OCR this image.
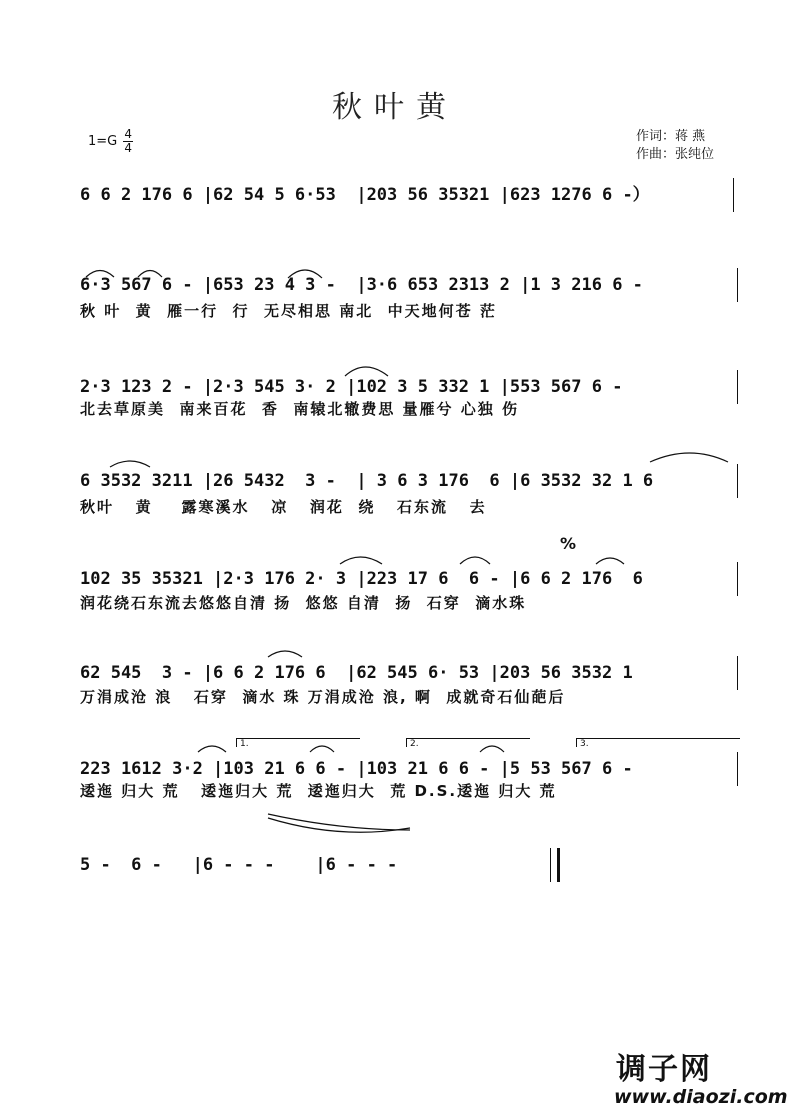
秋叶黄
1=G 4
4
作词：蒋 燕
作曲：张纯位
6 6 2 176 6 |62 54 5 6·53  |203 56 35321 |623 1276 6 -）
6·3 567 6 - |653 23 4 3 -  |3·6 653 2313 2 |1 3 216 6 -
秋 叶  黄  雁一行  行  无尽相思 南北  中天地何苍 茫
2·3 123 2 - |2·3 545 3· 2 |102 3 5 332 1 |553 567 6 -
北去草原美  南来百花  香  南辕北辙费思 量雁兮 心独 伤
6 3532 3211 |26 5432  3 -  | 3 6 3 176  6 |6 3532 32 1 6
秋叶   黄    露寒溪水   凉   润花  绕   石东流   去
%
102 35 35321 |2·3 176 2· 3 |223 17 6  6 - |6 6 2 176  6
润花绕石东流去悠悠自清 扬  悠悠 自清  扬  石穿  滴水珠
62 545  3 - |6 6 2 176 6  |62 545 6· 53 |203 56 3532 1
万涓成沧 浪   石穿  滴水 珠 万涓成沧 浪, 啊  成就奇石仙葩后
1.	2.	3.
223 1612 3·2 |103 21 6 6 - |103 21 6 6 - |5 53 567 6 -
逶迤 归大 荒   逶迤归大 荒  逶迤归大  荒 D.S.逶迤 归大 荒
5 -  6 -   |6 - - -    |6 - - -
调子网
www.diaozi.com
